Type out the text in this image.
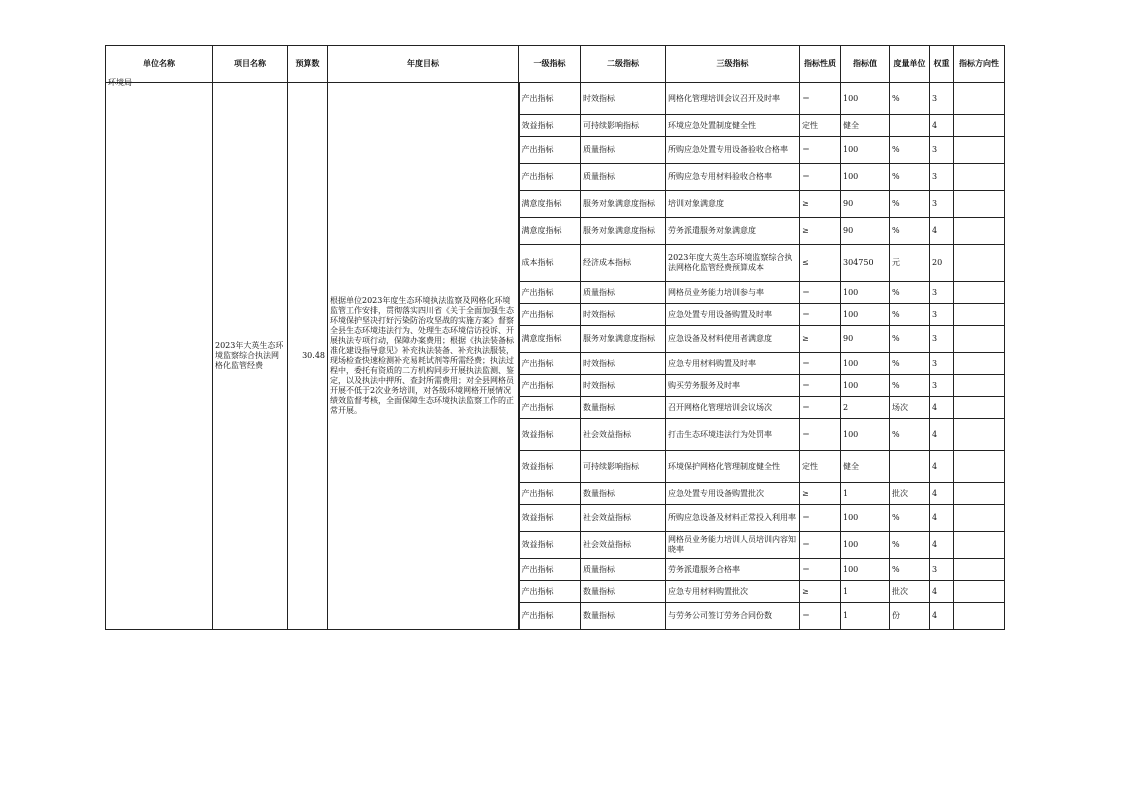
单位名称	项目名称	预算数	年度目标	一级指标	二级指标	三级指标	指标性质	指标值	度量单位	权重	指标方向性

环境局	2023年大英生态环境监察综合执法网格化监管经费	30.48	根据单位2023年度生态环境执法监察及网格化环境监管工作安排，贯彻落实四川省《关于全面加强生态环境保护坚决打好污染防治攻坚战的实施方案》督察全县生态环境违法行为、处理生态环境信访投诉、开展执法专项行动，保障办案费用；根据《执法装备标准化建设指导意见》补充执法装备、补充执法服装，现场检查快速检测补充易耗试剂等所需经费；执法过程中，委托有资质的二方机构同步开展执法监测、鉴定，以及执法中押所、查封所需费用；对全县网格员开展不低于2次业务培训，对各级环境网格开展情况绩效监督考核，全面保障生态环境执法监察工作的正常开展。	产出指标	时效指标	网格化管理培训会议召开及时率	＝	100	%	3	
				效益指标	可持续影响指标	环境应急处置制度健全性	定性	健全		4	
				产出指标	质量指标	所购应急处置专用设备验收合格率	＝	100	%	3	
				产出指标	质量指标	所购应急专用材料验收合格率	＝	100	%	3	
				满意度指标	服务对象满意度指标	培训对象满意度	≥	90	%	3	
				满意度指标	服务对象满意度指标	劳务派遣服务对象满意度	≥	90	%	4	
				成本指标	经济成本指标	2023年度大英生态环境监察综合执法网格化监管经费预算成本	≤	304750	元	20	
				产出指标	质量指标	网格员业务能力培训参与率	＝	100	%	3	
				产出指标	时效指标	应急处置专用设备购置及时率	＝	100	%	3	
				满意度指标	服务对象满意度指标	应急设备及材料使用者满意度	≥	90	%	3	
				产出指标	时效指标	应急专用材料购置及时率	＝	100	%	3	
				产出指标	时效指标	购买劳务服务及时率	＝	100	%	3	
				产出指标	数量指标	召开网格化管理培训会议场次	＝	2	场次	4	
				效益指标	社会效益指标	打击生态环境违法行为处罚率	＝	100	%	4	
				效益指标	可持续影响指标	环境保护网格化管理制度健全性	定性	健全		4	
				产出指标	数量指标	应急处置专用设备购置批次	≥	1	批次	4	
				效益指标	社会效益指标	所购应急设备及材料正常投入利用率	＝	100	%	4	
				效益指标	社会效益指标	网格员业务能力培训人员培训内容知晓率	＝	100	%	4	
				产出指标	质量指标	劳务派遣服务合格率	＝	100	%	3	
				产出指标	数量指标	应急专用材料购置批次	≥	1	批次	4	
				产出指标	数量指标	与劳务公司签订劳务合同份数	＝	1	份	4	
